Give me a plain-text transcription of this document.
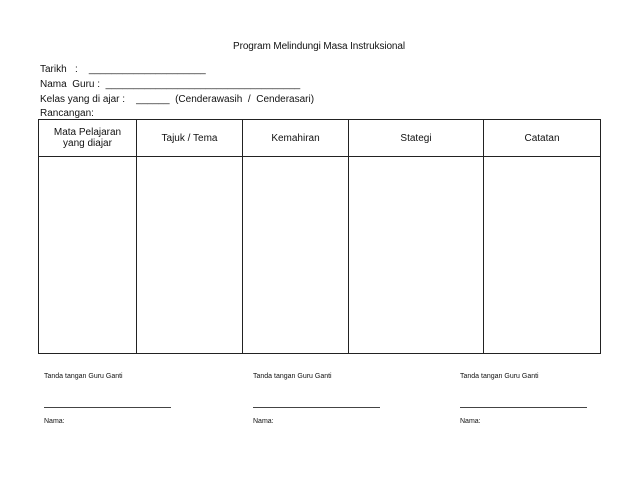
Program Melindungi Masa Instruksional
Tarikh   :    _____________________
Nama  Guru :  ___________________________________
Kelas yang di ajar :    ______  (Cenderawasih  /  Cenderasari)
Rancangan:
Mata Pelajaran
yang diajar	Tajuk / Tema	Kemahiran	Stategi	Catatan

Tanda tangan Guru Ganti
Nama:
Tanda tangan Guru Ganti
Nama:
Tanda tangan Guru Ganti
Nama:
